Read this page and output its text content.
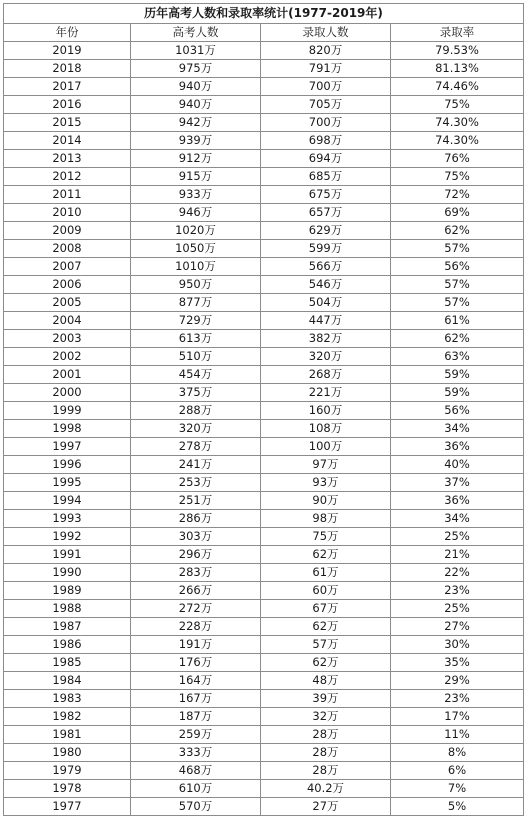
历年高考人数和录取率统计(1977-2019年)			
年份	高考人数	录取人数	录取率
2019	1031万	820万	79.53%
2018	975万	791万	81.13%
2017	940万	700万	74.46%
2016	940万	705万	75%
2015	942万	700万	74.30%
2014	939万	698万	74.30%
2013	912万	694万	76%
2012	915万	685万	75%
2011	933万	675万	72%
2010	946万	657万	69%
2009	1020万	629万	62%
2008	1050万	599万	57%
2007	1010万	566万	56%
2006	950万	546万	57%
2005	877万	504万	57%
2004	729万	447万	61%
2003	613万	382万	62%
2002	510万	320万	63%
2001	454万	268万	59%
2000	375万	221万	59%
1999	288万	160万	56%
1998	320万	108万	34%
1997	278万	100万	36%
1996	241万	97万	40%
1995	253万	93万	37%
1994	251万	90万	36%
1993	286万	98万	34%
1992	303万	75万	25%
1991	296万	62万	21%
1990	283万	61万	22%
1989	266万	60万	23%
1988	272万	67万	25%
1987	228万	62万	27%
1986	191万	57万	30%
1985	176万	62万	35%
1984	164万	48万	29%
1983	167万	39万	23%
1982	187万	32万	17%
1981	259万	28万	11%
1980	333万	28万	8%
1979	468万	28万	6%
1978	610万	40.2万	7%
1977	570万	27万	5%
